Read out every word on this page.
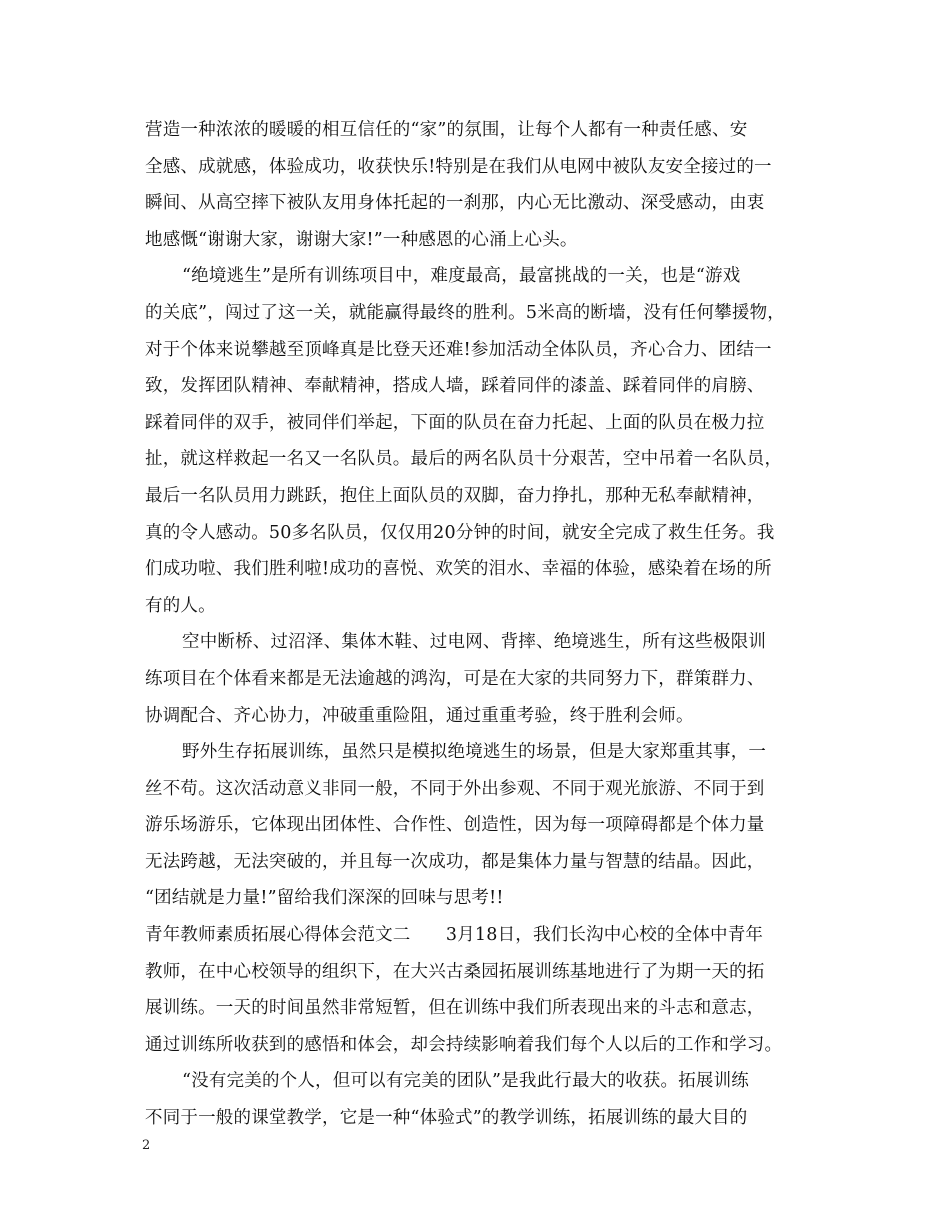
营造一种浓浓的暖暖的相互信任的“家”的氛围，让每个人都有一种责任感、安
全感、成就感，体验成功，收获快乐!特别是在我们从电网中被队友安全接过的一
瞬间、从高空摔下被队友用身体托起的一刹那，内心无比激动、深受感动，由衷
地感慨“谢谢大家，谢谢大家!”一种感恩的心涌上心头。
“绝境逃生”是所有训练项目中，难度最高，最富挑战的一关，也是“游戏
的关底”，闯过了这一关，就能赢得最终的胜利。5米高的断墙，没有任何攀援物，
对于个体来说攀越至顶峰真是比登天还难!参加活动全体队员，齐心合力、团结一
致，发挥团队精神、奉献精神，搭成人墙，踩着同伴的漆盖、踩着同伴的肩膀、
踩着同伴的双手，被同伴们举起，下面的队员在奋力托起、上面的队员在极力拉
扯，就这样救起一名又一名队员。最后的两名队员十分艰苦，空中吊着一名队员，
最后一名队员用力跳跃，抱住上面队员的双脚，奋力挣扎，那种无私奉献精神，
真的令人感动。50多名队员，仅仅用20分钟的时间，就安全完成了救生任务。我
们成功啦、我们胜利啦!成功的喜悦、欢笑的泪水、幸福的体验，感染着在场的所
有的人。
空中断桥、过沼泽、集体木鞋、过电网、背摔、绝境逃生，所有这些极限训
练项目在个体看来都是无法逾越的鸿沟，可是在大家的共同努力下，群策群力、
协调配合、齐心协力，冲破重重险阻，通过重重考验，终于胜利会师。
野外生存拓展训练，虽然只是模拟绝境逃生的场景，但是大家郑重其事，一
丝不苟。这次活动意义非同一般，不同于外出参观、不同于观光旅游、不同于到
游乐场游乐，它体现出团体性、合作性、创造性，因为每一项障碍都是个体力量
无法跨越，无法突破的，并且每一次成功，都是集体力量与智慧的结晶。因此，
“团结就是力量!”留给我们深深的回味与思考!!
青年教师素质拓展心得体会范文二　　3月18日，我们长沟中心校的全体中青年
教师，在中心校领导的组织下，在大兴古桑园拓展训练基地进行了为期一天的拓
展训练。一天的时间虽然非常短暂，但在训练中我们所表现出来的斗志和意志，
通过训练所收获到的感悟和体会，却会持续影响着我们每个人以后的工作和学习。
“没有完美的个人，但可以有完美的团队”是我此行最大的收获。拓展训练
不同于一般的课堂教学，它是一种“体验式”的教学训练，拓展训练的最大目的
2
